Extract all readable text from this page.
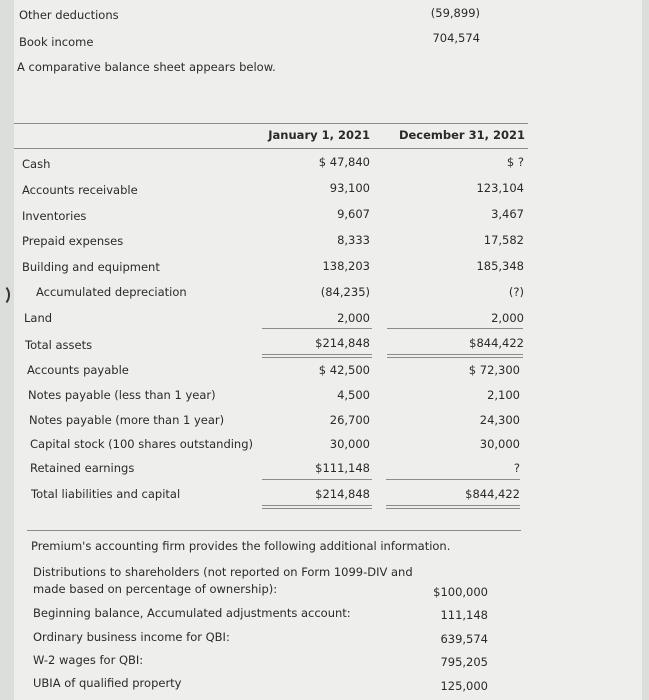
Other deductions	(59,899)
Book income	704,574
A comparative balance sheet appears below.
January 1, 2021	December 31, 2021
Cash	$ 47,840	$ ?
Accounts receivable	93,100	123,104
Inventories	9,607	3,467
Prepaid expenses	8,333	17,582
Building and equipment	138,203	185,348
Accumulated depreciation	(84,235)	(?)
Land	2,000	2,000
Total assets	$214,848	$844,422
Accounts payable	$ 42,500	$ 72,300
Notes payable (less than 1 year)	4,500	2,100
Notes payable (more than 1 year)	26,700	24,300
Capital stock (100 shares outstanding)	30,000	30,000
Retained earnings	$111,148	?
Total liabilities and capital	$214,848	$844,422
Premium's accounting firm provides the following additional information.
Distributions to shareholders (not reported on Form 1099-DIV and
made based on percentage of ownership):	$100,000
Beginning balance, Accumulated adjustments account:	111,148
Ordinary business income for QBI:	639,574
W-2 wages for QBI:	795,205
UBIA of qualified property	125,000
